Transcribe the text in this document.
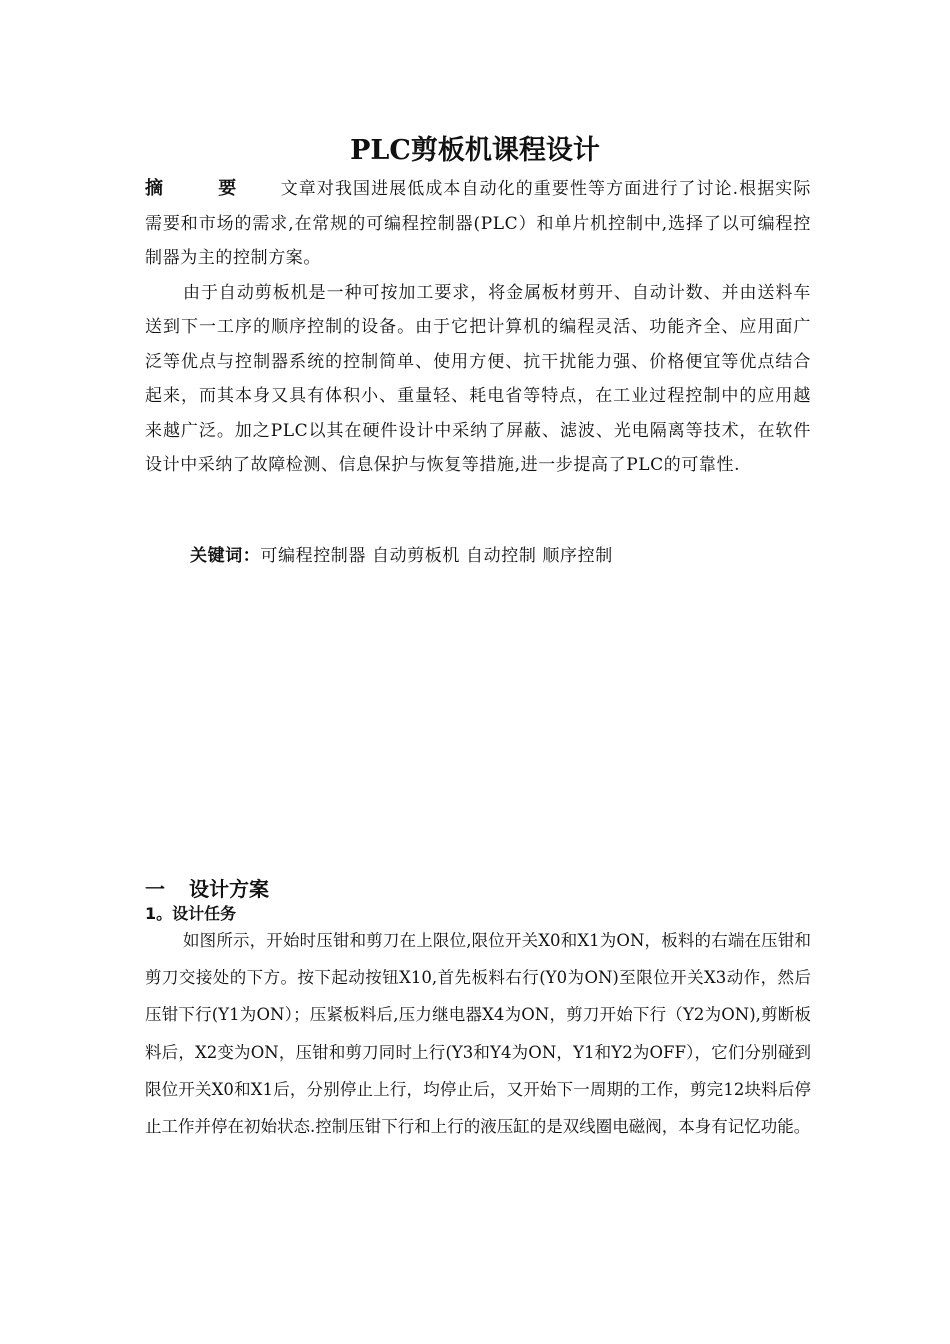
PLC剪板机课程设计

摘 要 文章对我国进展低成本自动化的重要性等方面进行了讨论.根据实际需要和市场的需求,在常规的可编程控制器(PLC）和单片机控制中,选择了以可编程控制器为主的控制方案。

由于自动剪板机是一种可按加工要求，将金属板材剪开、自动计数、并由送料车送到下一工序的顺序控制的设备。由于它把计算机的编程灵活、功能齐全、应用面广泛等优点与控制器系统的控制简单、使用方便、抗干扰能力强、价格便宜等优点结合起来，而其本身又具有体积小、重量轻、耗电省等特点，在工业过程控制中的应用越来越广泛。加之PLC以其在硬件设计中采纳了屏蔽、滤波、光电隔离等技术，在软件设计中采纳了故障检测、信息保护与恢复等措施,进一步提高了PLC的可靠性.

关键词：可编程控制器 自动剪板机 自动控制 顺序控制
一 设计方案
1。设计任务

如图所示，开始时压钳和剪刀在上限位,限位开关X0和X1为ON，板料的右端在压钳和剪刀交接处的下方。按下起动按钮X10,首先板料右行(Y0为ON)至限位开关X3动作，然后压钳下行(Y1为ON）；压紧板料后,压力继电器X4为ON，剪刀开始下行（Y2为ON),剪断板料后，X2变为ON，压钳和剪刀同时上行(Y3和Y4为ON，Y1和Y2为OFF），它们分别碰到限位开关X0和X1后，分别停止上行，均停止后，又开始下一周期的工作，剪完12块料后停止工作并停在初始状态.控制压钳下行和上行的液压缸的是双线圈电磁阀，本身有记忆功能。
